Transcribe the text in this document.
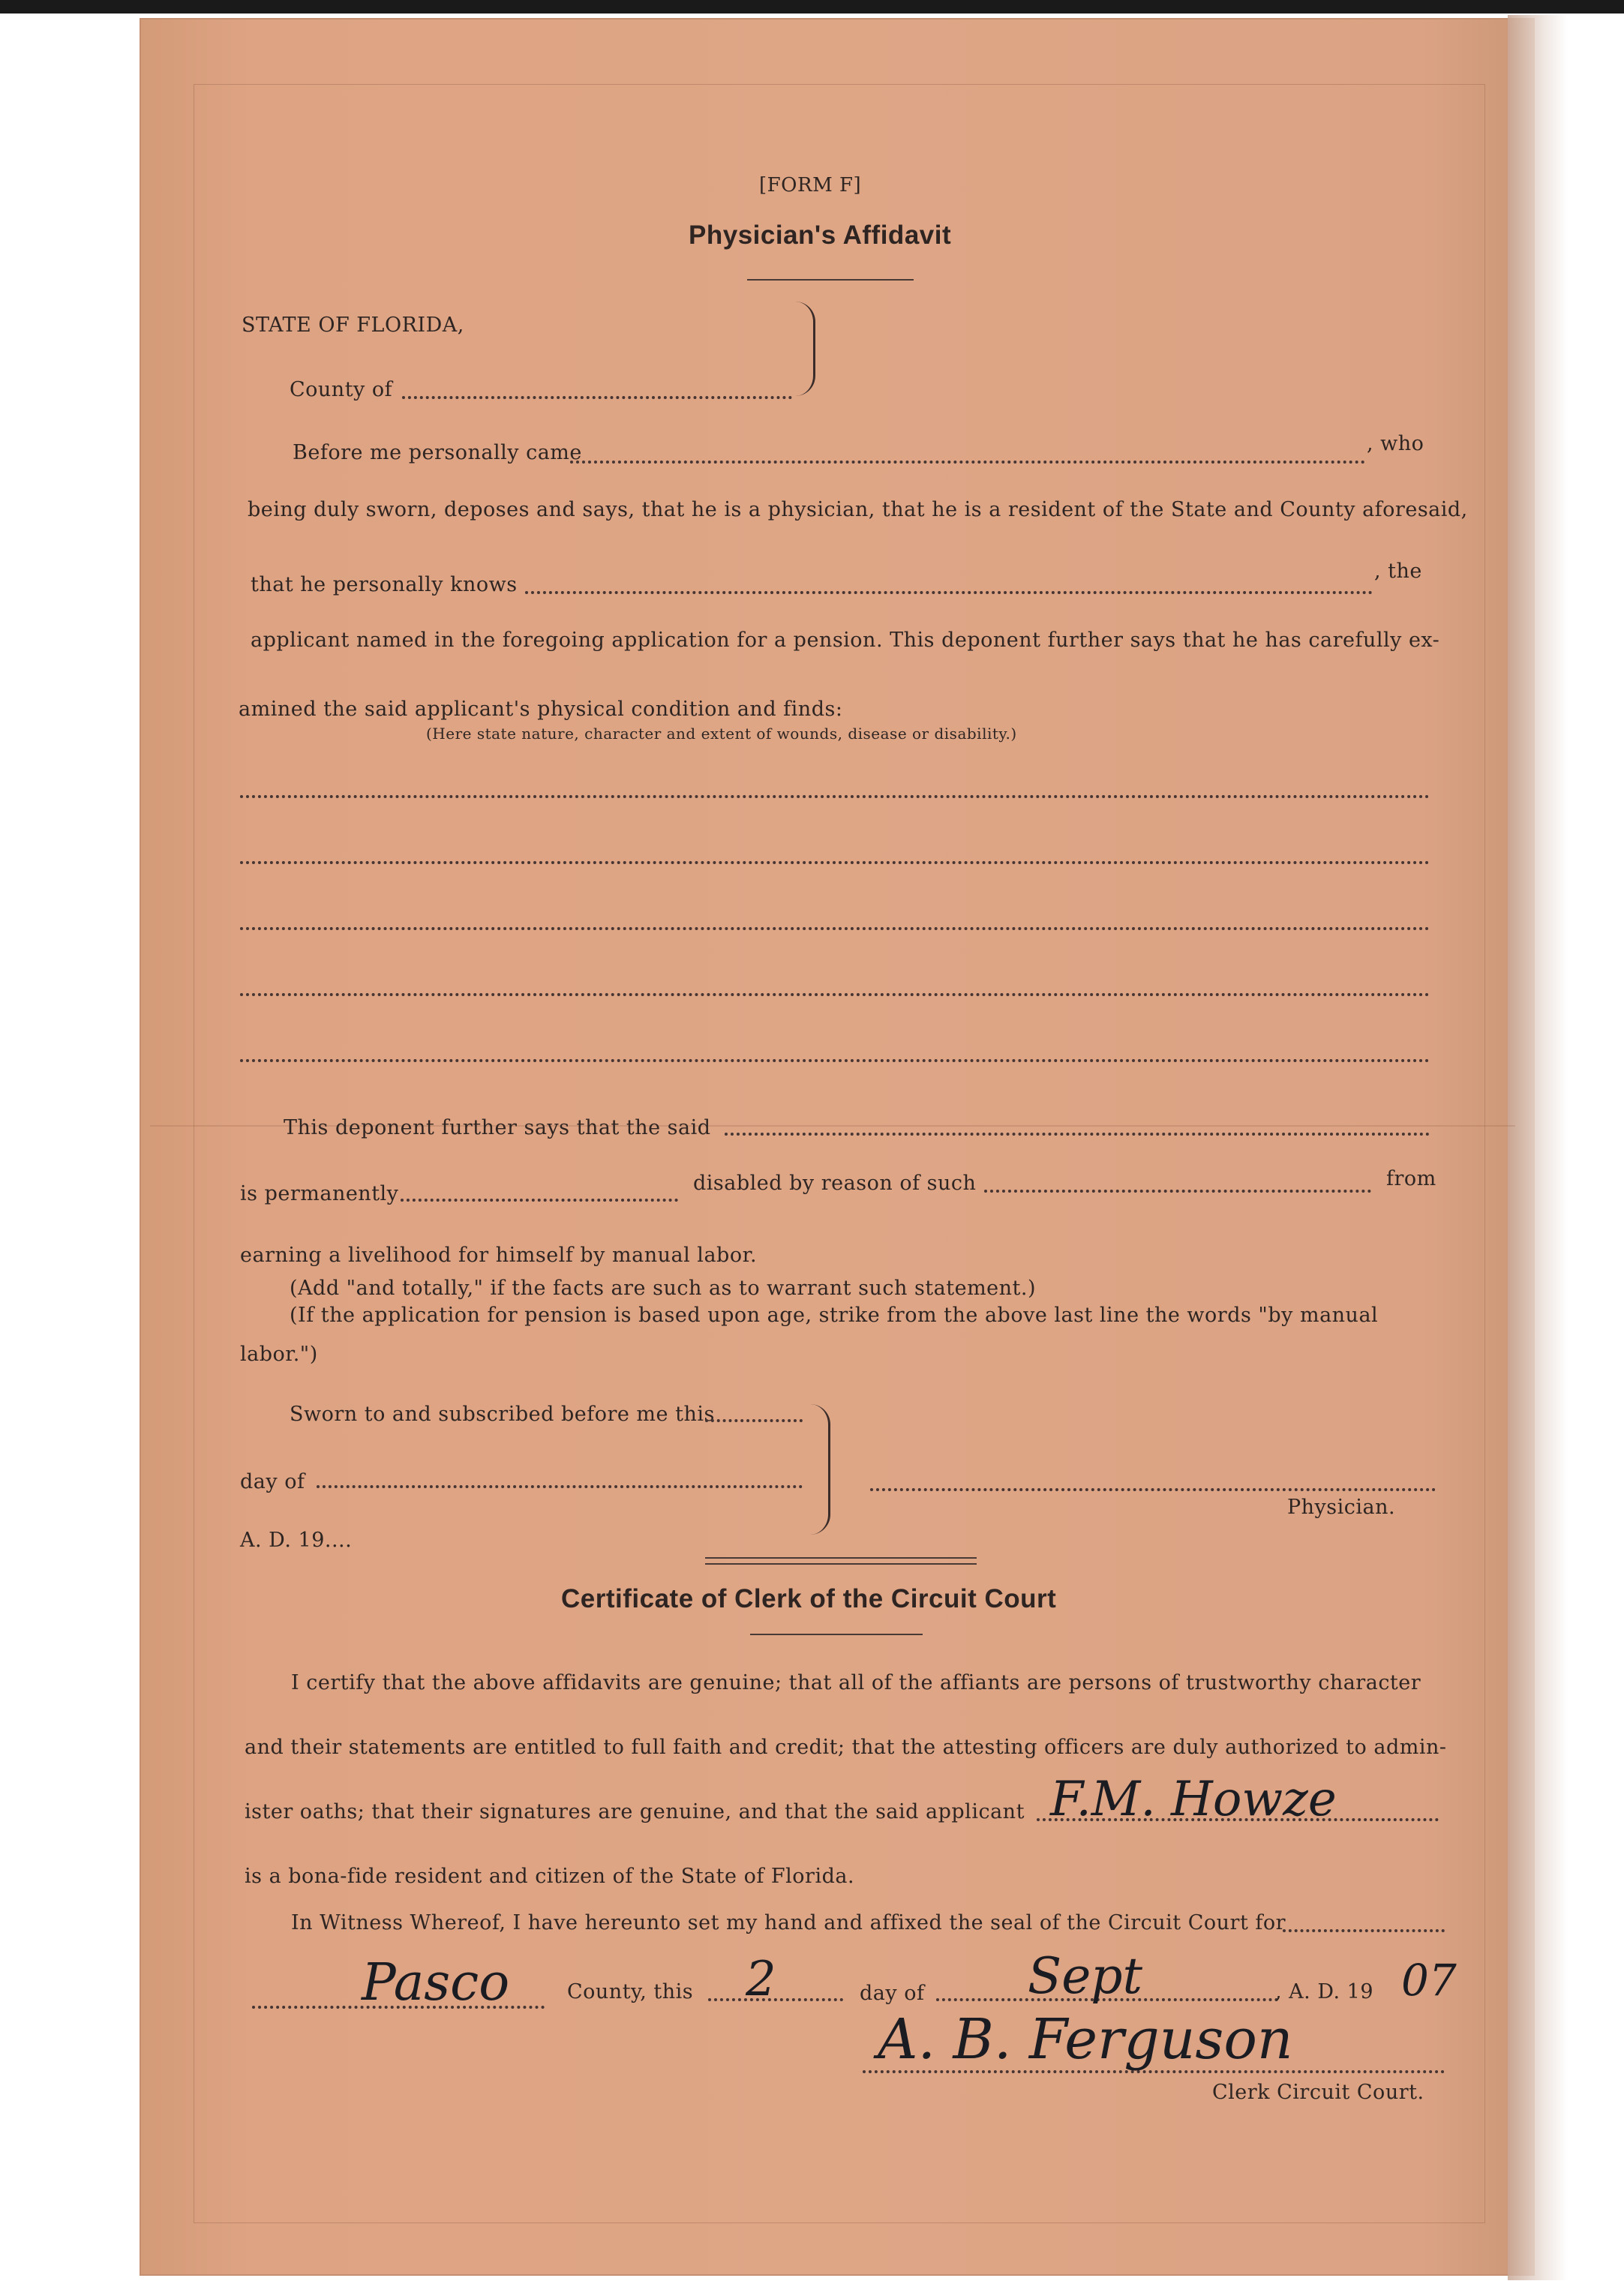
[FORM F]
Physician's Affidavit
STATE OF FLORIDA,
County of
Before me personally came	, who
being duly sworn, deposes and says, that he is a physician, that he is a resident of the State and County aforesaid,
that he personally knows
, the
applicant named in the foregoing application for a pension. This deponent further says that he has carefully ex-
amined the said applicant's physical condition and finds:
(Here state nature, character and extent of wounds, disease or disability.)
This deponent further says that the said
is permanently	disabled by reason of such	from
earning a livelihood for himself by manual labor.
(Add "and totally," if the facts are such as to warrant such statement.)
(If the application for pension is based upon age, strike from the above last line the words "by manual
labor.")
Sworn to and subscribed before me this
day of
A. D. 19....
Physician.
Certificate of Clerk of the Circuit Court
I certify that the above affidavits are genuine; that all of the affiants are persons of trustworthy character
and their statements are entitled to full faith and credit; that the attesting officers are duly authorized to admin-
ister oaths; that their signatures are genuine, and that the said applicant F.M. Howze
is a bona-fide resident and citizen of the State of Florida.
In Witness Whereof, I have hereunto set my hand and affixed the seal of the Circuit Court for
Pasco	County, this 2	day of Sept	, A. D. 19 07
A. B. Ferguson
Clerk Circuit Court.
